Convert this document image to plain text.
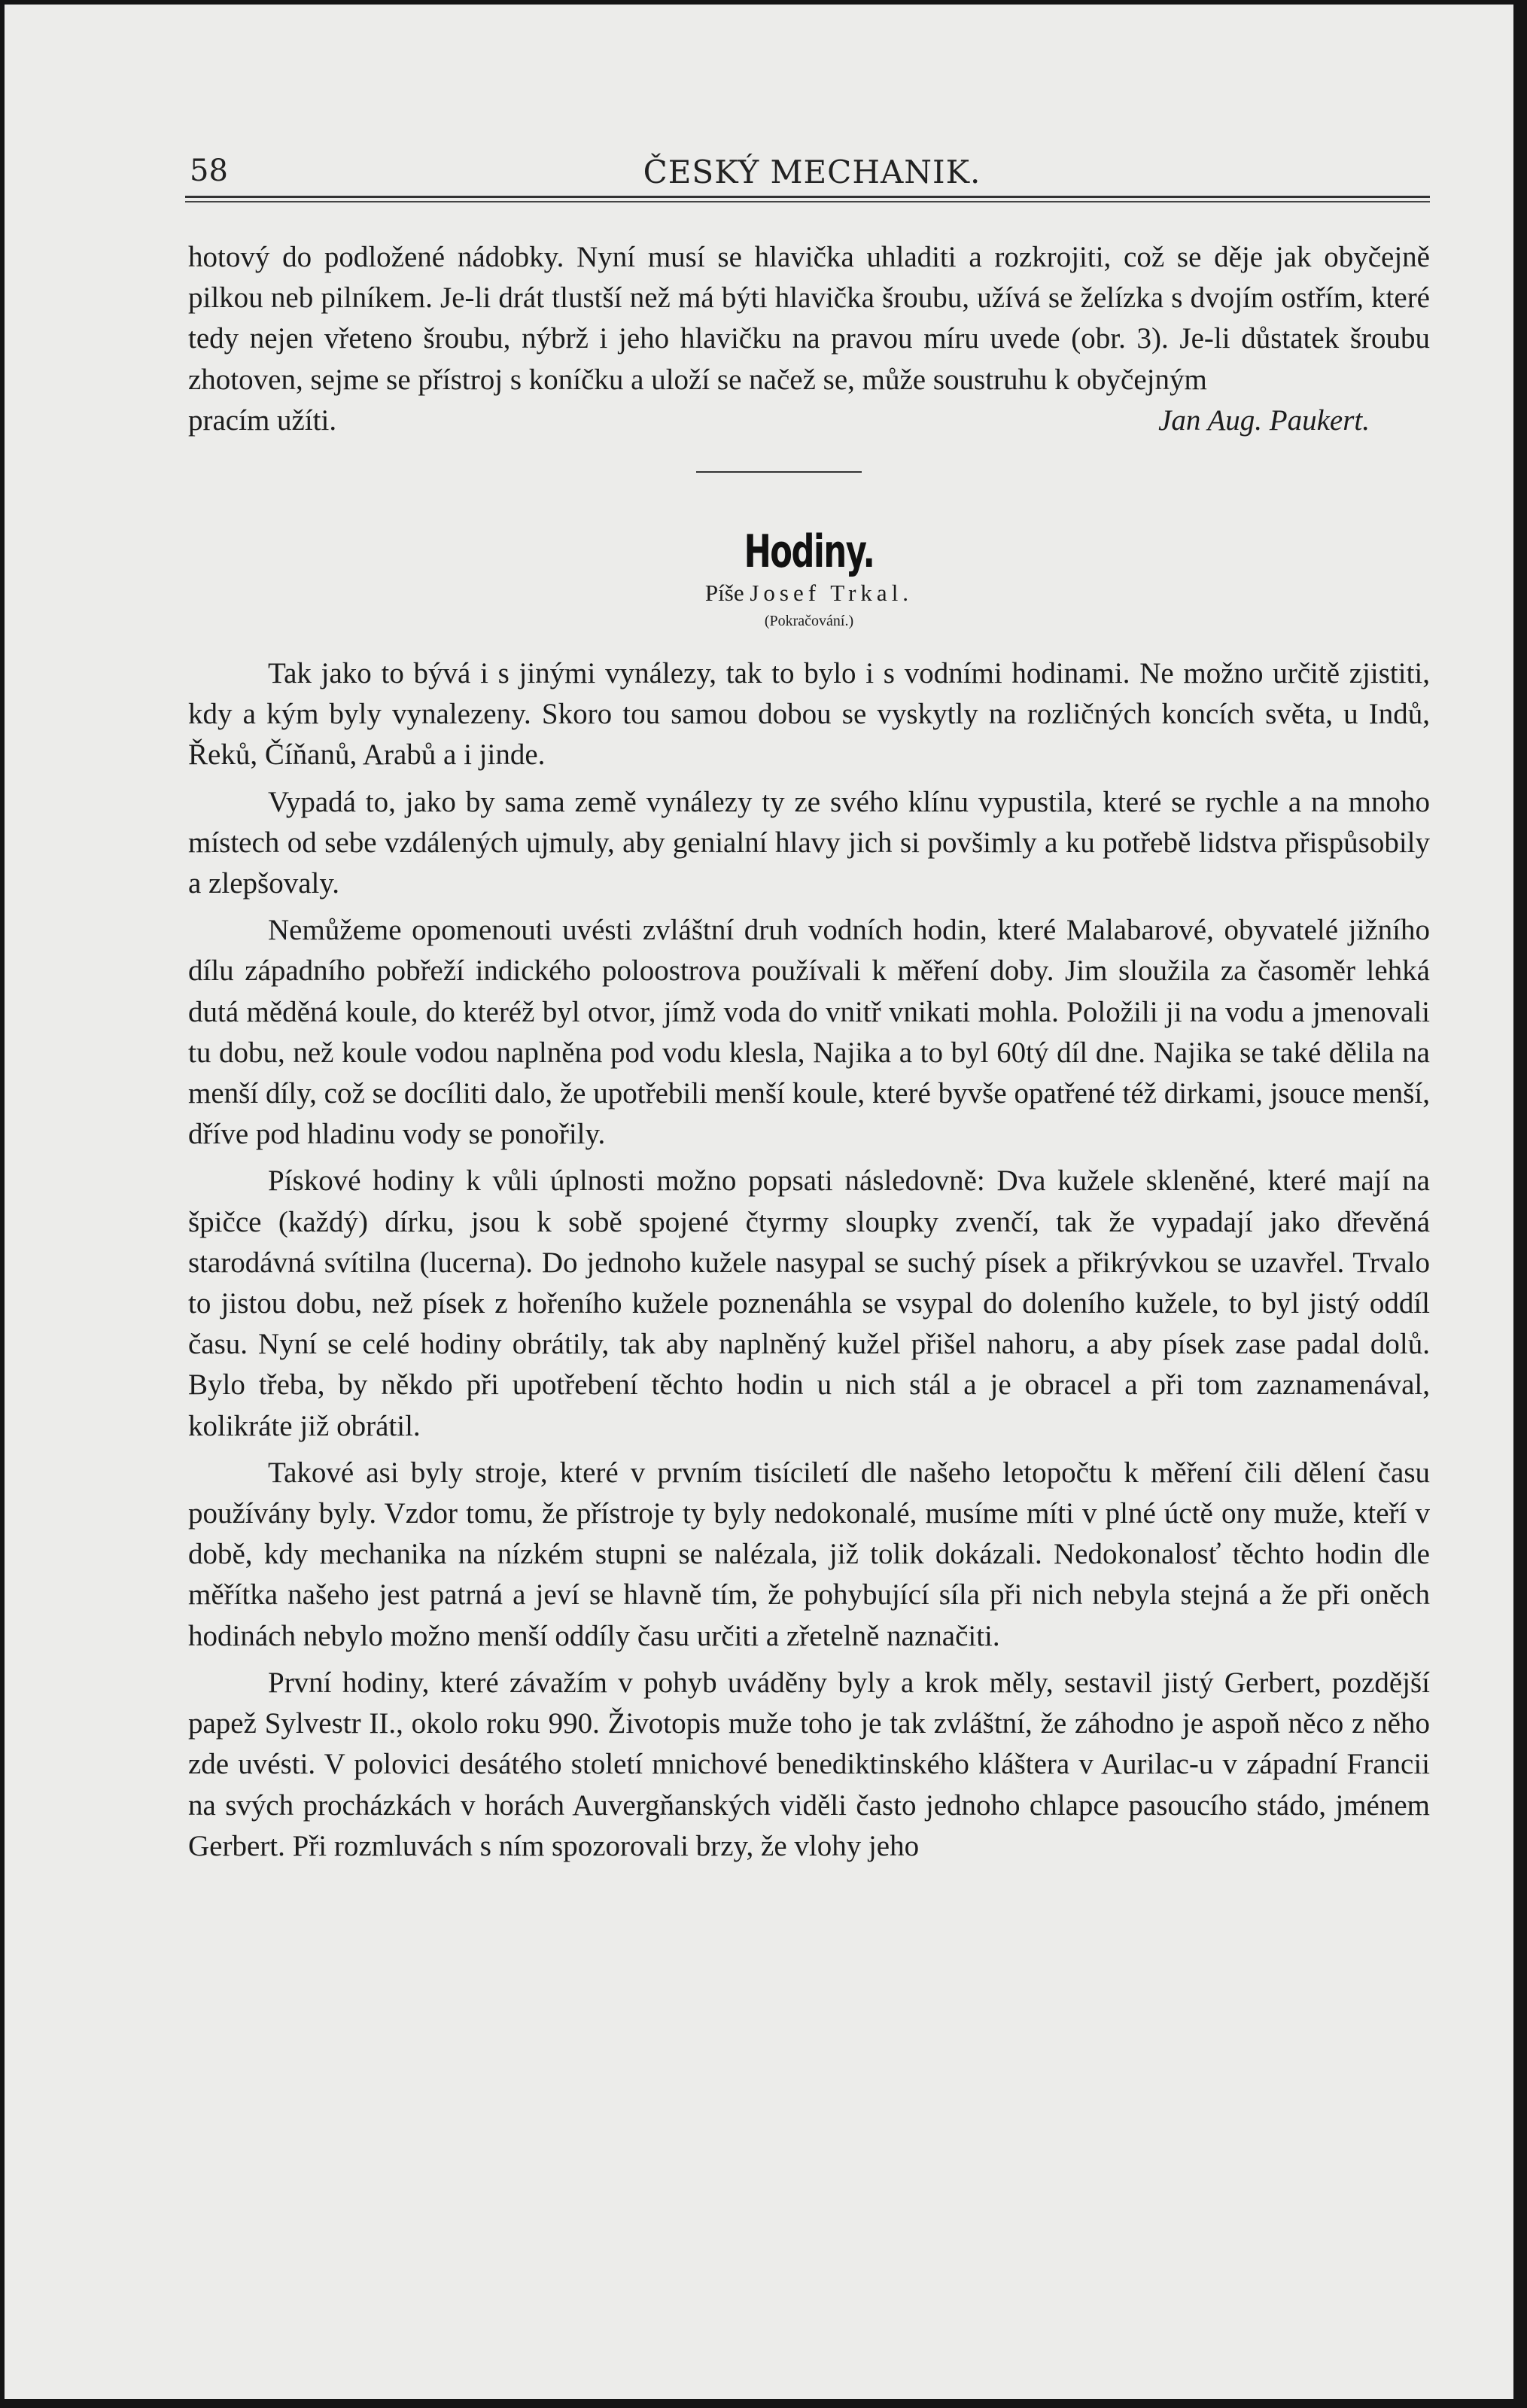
58	ČESKÝ MECHANIK.

hotový do podložené nádobky. Nyní musí se hlavička uhladiti a rozkrojiti, což se děje jak obyčejně pilkou neb pilníkem. Je-li drát tlustší než má býti hlavička šroubu, užívá se želízka s dvojím ostřím, které tedy nejen vřeteno šroubu, nýbrž i jeho hlavičku na pravou míru uvede (obr. 3). Je-li důstatek šroubu zhotoven, sejme se přístroj s koníčku a uloží se načež se, může soustruhu k obyčejným

pracím užíti.	Jan Aug. Paukert.
Hodiny.
Píše Josef Trkal.
(Pokračování.)

Tak jako to bývá i s jinými vynálezy, tak to bylo i s vodními hodinami. Ne možno určitě zjistiti, kdy a kým byly vynalezeny. Skoro tou samou dobou se vyskytly na rozličných koncích světa, u Indů, Řeků, Číňanů, Arabů a i jinde.

Vypadá to, jako by sama země vynálezy ty ze svého klínu vypustila, které se rychle a na mnoho místech od sebe vzdálených ujmuly, aby genialní hlavy jich si povšimly a ku potřebě lidstva přispůsobily a zlepšovaly.

Nemůžeme opomenouti uvésti zvláštní druh vodních hodin, které Malabarové, obyvatelé jižního dílu západního pobřeží indického poloostrova používali k měření doby. Jim sloužila za časoměr lehká dutá měděná koule, do kteréž byl otvor, jímž voda do vnitř vnikati mohla. Položili ji na vodu a jmenovali tu dobu, než koule vodou naplněna pod vodu klesla, Najika a to byl 60tý díl dne. Najika se také dělila na menší díly, což se docíliti dalo, že upotřebili menší koule, které byvše opatřené též dirkami, jsouce menší, dříve pod hladinu vody se ponořily.

Pískové hodiny k vůli úplnosti možno popsati následovně: Dva kužele skleněné, které mají na špičce (každý) dírku, jsou k sobě spojené čtyrmy sloupky zvenčí, tak že vypadají jako dřevěná starodávná svítilna (lucerna). Do jednoho kužele nasypal se suchý písek a přikrývkou se uzavřel. Trvalo to jistou dobu, než písek z hořeního kužele poznenáhla se vsypal do doleního kužele, to byl jistý oddíl času. Nyní se celé hodiny obrátily, tak aby naplněný kužel přišel nahoru, a aby písek zase padal dolů. Bylo třeba, by někdo při upotřebení těchto hodin u nich stál a je obracel a při tom zaznamenával, kolikráte již obrátil.

Takové asi byly stroje, které v prvním tisíciletí dle našeho letopočtu k měření čili dělení času používány byly. Vzdor tomu, že přístroje ty byly nedokonalé, musíme míti v plné úctě ony muže, kteří v době, kdy mechanika na nízkém stupni se nalézala, již tolik dokázali. Nedokonalosť těchto hodin dle měřítka našeho jest patrná a jeví se hlavně tím, že pohybující síla při nich nebyla stejná a že při oněch hodinách nebylo možno menší oddíly času určiti a zřetelně naznačiti.

První hodiny, které závažím v pohyb uváděny byly a krok měly, sestavil jistý Gerbert, pozdější papež Sylvestr II., okolo roku 990. Životopis muže toho je tak zvláštní, že záhodno je aspoň něco z něho zde uvésti. V polovici desátého století mnichové benediktinského kláštera v Aurilac-u v západní Francii na svých procházkách v horách Auvergňanských viděli často jednoho chlapce pasoucího stádo, jménem Gerbert. Při rozmluvách s ním spozorovali brzy, že vlohy jeho
